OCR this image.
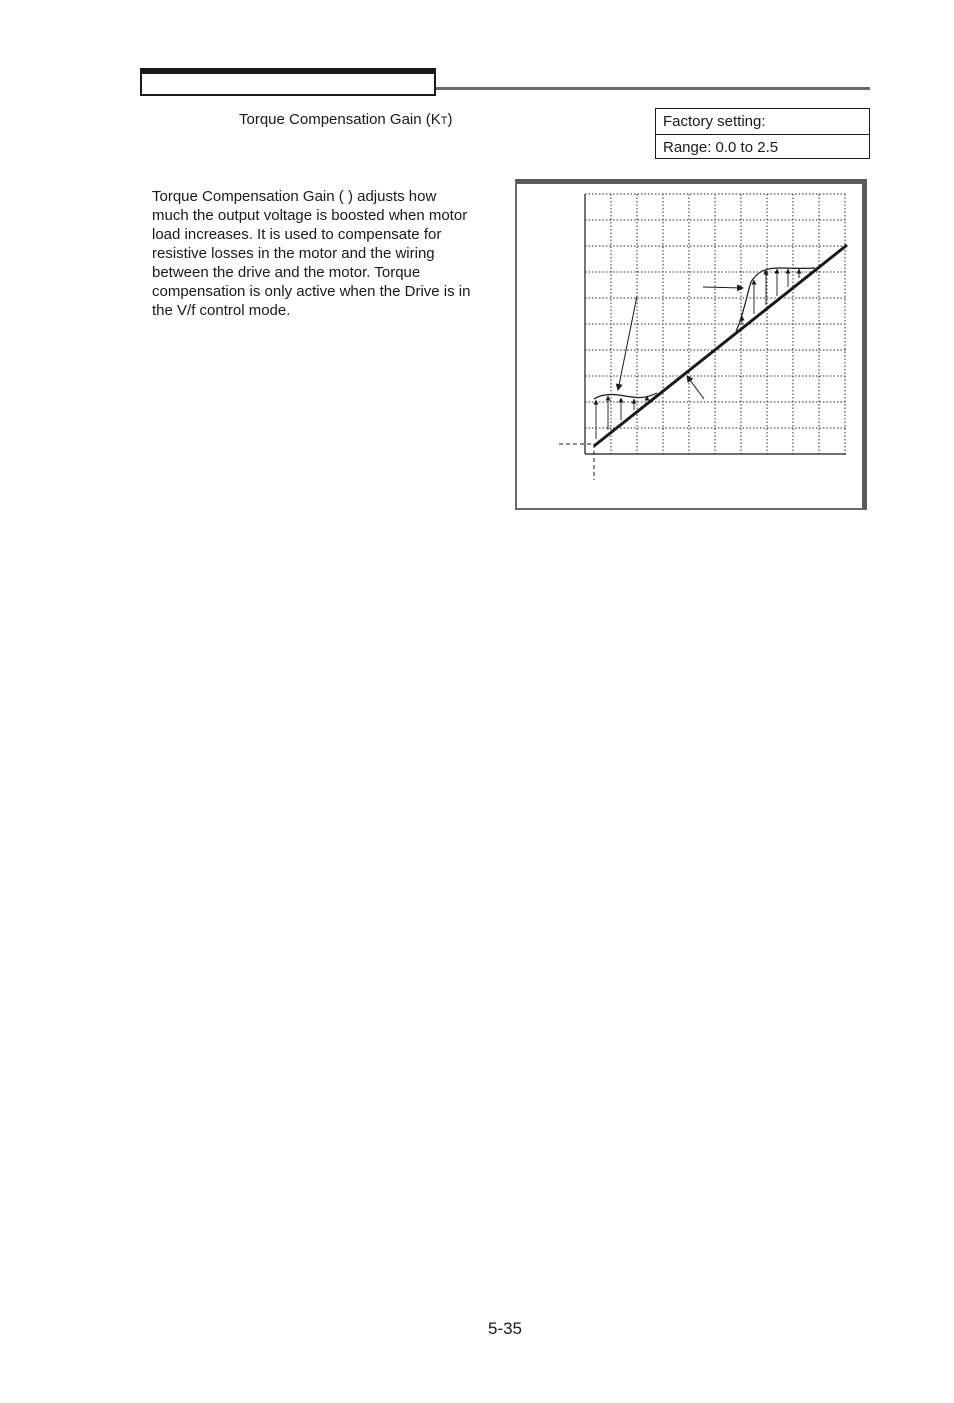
Torque Compensation Gain (KT)	Factory setting:
Range: 0.0 to 2.5
Torque Compensation Gain ( ) adjusts how
much the output voltage is boosted when motor
load increases. It is used to compensate for
resistive losses in the motor and the wiring
between the drive and the motor. Torque
compensation is only active when the Drive is in
the V/f control mode.
5-35
